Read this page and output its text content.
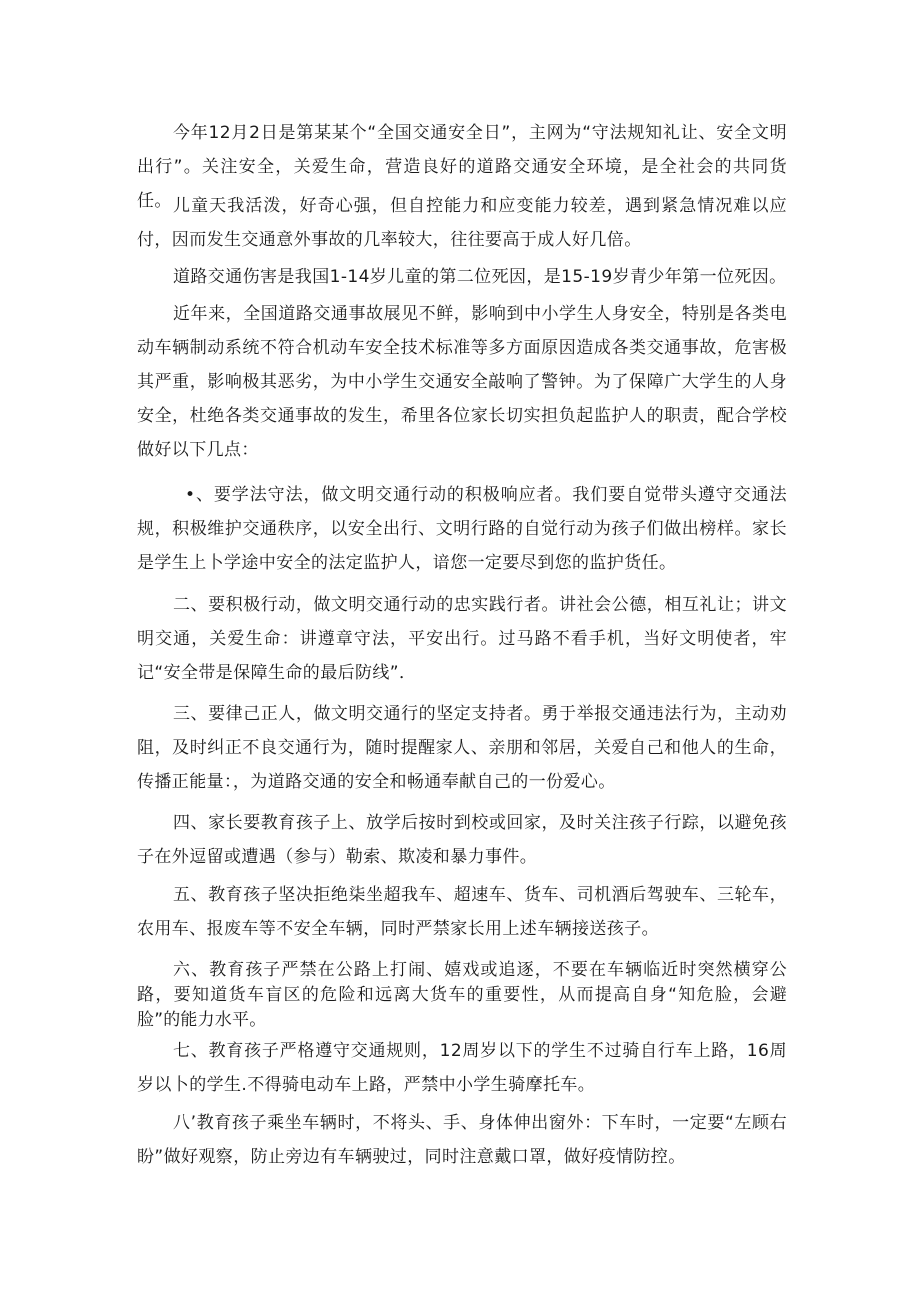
今年12月2日是第某某个“全国交通安全日”，主网为“守法规知礼让、安全文明出行”。关注安全，关爱生命，营造良好的道路交通安全环境，是全社会的共同货任。 儿童天我活泼，好奇心强，但自控能力和应变能力较差，遇到紧急情况难以应付，因而发生交通意外事故的几率较大，往往要高于成人好几倍。

道路交通伤害是我国1-14岁儿童的第二位死因，是15-19岁青少年第一位死因。

近年来，全国道路交通事故展见不鲜，影响到中小学生人身安全，特别是各类电动车辆制动系统不符合机动车安全技术标准等多方面原因造成各类交通事故，危害极其严重，影响极其恶劣，为中小学生交通安全敲响了警钟。为了保障广大学生的人身安全，杜绝各类交通事故的发生，希里各位家长切实担负起监护人的职责，配合学校做好以下几点：

•、要学法守法，做文明交通行动的积极响应者。我们要自觉带头遵守交通法规，积极维护交通秩序，以安全出行、文明行路的自觉行动为孩子们做出榜样。家长是学生上卜学途中安全的法定监护人，谙您一定要尽到您的监护货任。

二、要积极行动，做文明交通行动的忠实践行者。讲社会公德，相互礼让；讲文明交通，关爱生命：讲遵章守法，平安出行。过马路不看手机，当好文明使者，牢记“安全带是保障生命的最后防线”．

三、要律己正人，做文明交通行的坚定支持者。勇于举报交通违法行为，主动劝阻，及时纠正不良交通行为，随时提醒家人、亲朋和邻居，关爱自己和他人的生命，传播正能量：，为道路交通的安全和畅通奉献自己的一份爱心。

四、家长要教育孩子上、放学后按时到校或回家，及时关注孩子行踪，以避免孩子在外逗留或遭遇（参与）勒索、欺凌和暴力事件。

五、教育孩子坚决拒绝柒坐超我车、超速车、货车、司机酒后驾驶车、三轮车，农用车、报废车等不安全车辆，同时严禁家长用上述车辆接送孩子。

六、教育孩子严禁在公路上打闹、嬉戏或追逐，不要在车辆临近时突然横穿公路，要知道货车盲区的危险和远离大货车的重要性，从而提高自身“知危脸，会避脸”的能力水平。

七、教育孩子严格遵守交通规则，12周岁以下的学生不过骑自行车上路，16周岁以卜的学生.不得骑电动车上路，严禁中小学生骑摩托车。

八’教育孩子乘坐车辆时，不将头、手、身体伸出窗外：下车时，一定要“左顾右盼”做好观察，防止旁边有车辆驶过，同时注意戴口罩，做好疫情防控。
